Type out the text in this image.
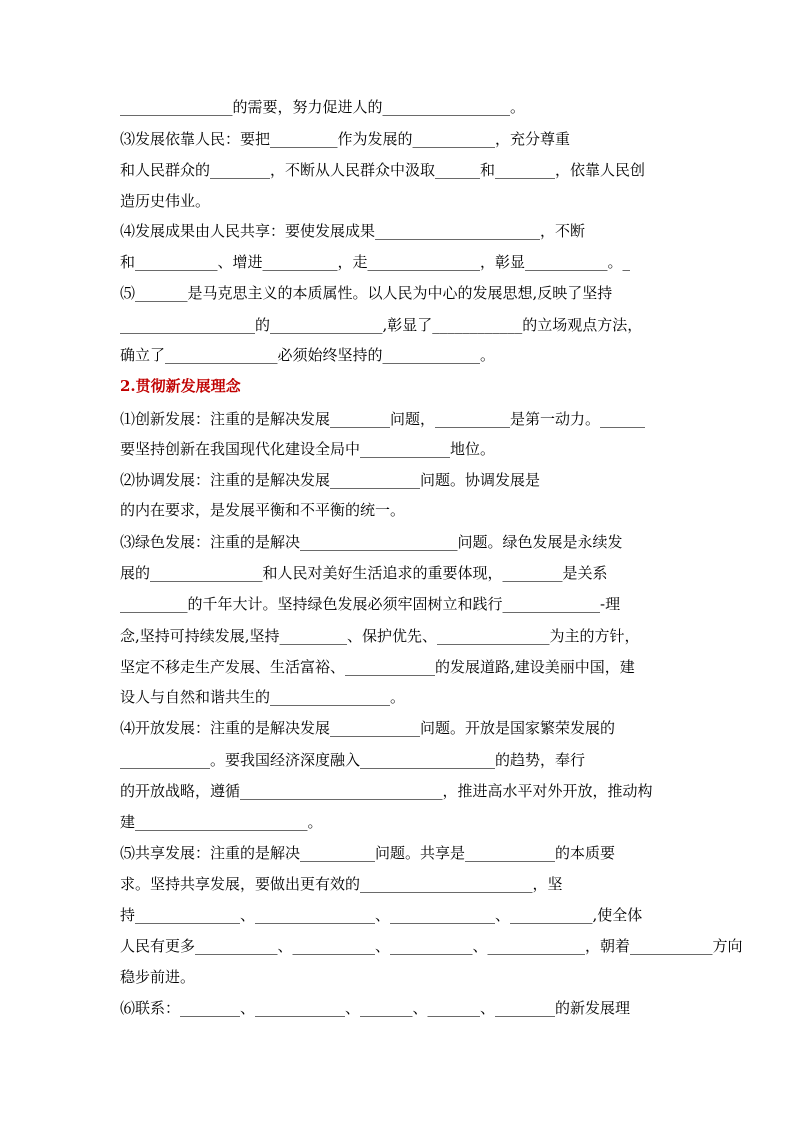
_______________的需要，努力促进人的_________________。
⑶发展依靠人民：要把_________作为发展的___________，充分尊重
和人民群众的________，不断从人民群众中汲取______和________，依靠人民创
造历史伟业。
⑷发展成果由人民共享：要使发展成果______________________，不断
和___________、增进__________，走_______________，彰显___________。_
⑸_______是马克思主义的本质属性。以人民为中心的发展思想,反映了坚持
__________________的_______________,彰显了____________的立场观点方法，
确立了_______________必须始终坚持的_____________。
2.贯彻新发展理念
⑴创新发展：注重的是解决发展________问题，__________是第一动力。______
要坚持创新在我国现代化建设全局中____________地位。
⑵协调发展：注重的是解决发展____________问题。协调发展是
的内在要求，是发展平衡和不平衡的统一。
⑶绿色发展：注重的是解决_____________________问题。绿色发展是永续发
展的_______________和人民对美好生活追求的重要体现，________是关系
_________的千年大计。坚持绿色发展必须牢固树立和践行_____________-理
念,坚持可持续发展,坚持_________、保护优先、_______________为主的方针，
坚定不移走生产发展、生活富裕、____________的发展道路,建设美丽中国，建
设人与自然和谐共生的________________。
⑷开放发展：注重的是解决发展____________问题。开放是国家繁荣发展的
____________。要我国经济深度融入__________________的趋势，奉行
的开放战略，遵循___________________________，推进高水平对外开放，推动构
建_______________________。
⑸共享发展：注重的是解决__________问题。共享是____________的本质要
求。坚持共享发展，要做出更有效的_______________________，坚
持______________、________________、______________、___________,使全体
人民有更多___________、___________、___________、_____________，朝着___________方向
稳步前进。
⑹联系：________、____________、_______、_______、________的新发展理
